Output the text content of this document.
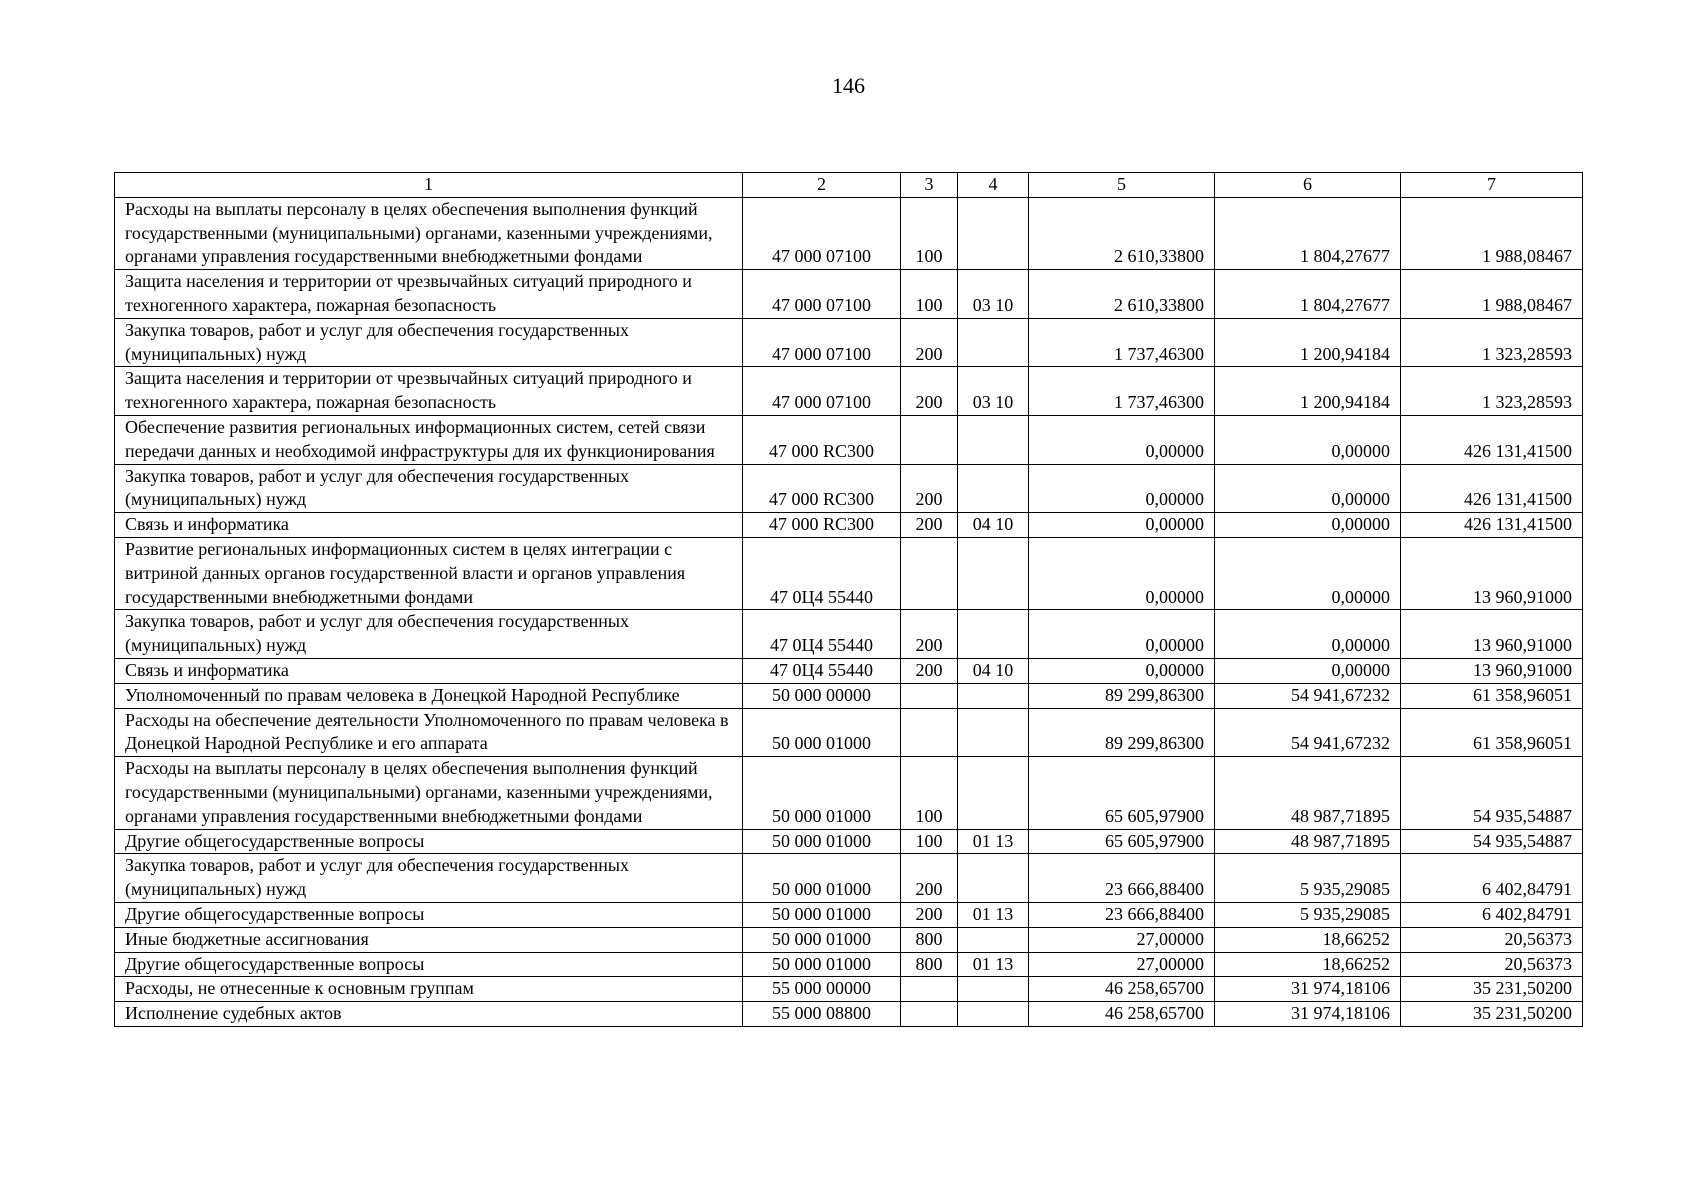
146
1	2	3	4	5	6	7
Расходы на выплаты персоналу в целях обеспечения выполнения функций государственными (муниципальными) органами, казенными учреждениями, органами управления государственными внебюджетными фондами	47 000 07100	100		2 610,33800	1 804,27677	1 988,08467
Защита населения и территории от чрезвычайных ситуаций природного и техногенного характера, пожарная безопасность	47 000 07100	100	03 10	2 610,33800	1 804,27677	1 988,08467
Закупка товаров, работ и услуг для обеспечения государственных (муниципальных) нужд	47 000 07100	200		1 737,46300	1 200,94184	1 323,28593
Защита населения и территории от чрезвычайных ситуаций природного и техногенного характера, пожарная безопасность	47 000 07100	200	03 10	1 737,46300	1 200,94184	1 323,28593
Обеспечение развития региональных информационных систем, сетей связи передачи данных и необходимой инфраструктуры для их функционирования	47 000 RC300			0,00000	0,00000	426 131,41500
Закупка товаров, работ и услуг для обеспечения государственных (муниципальных) нужд	47 000 RC300	200		0,00000	0,00000	426 131,41500
Связь и информатика	47 000 RC300	200	04 10	0,00000	0,00000	426 131,41500
Развитие региональных информационных систем в целях интеграции с витриной данных органов государственной власти и органов управления государственными внебюджетными фондами	47 0Ц4 55440			0,00000	0,00000	13 960,91000
Закупка товаров, работ и услуг для обеспечения государственных (муниципальных) нужд	47 0Ц4 55440	200		0,00000	0,00000	13 960,91000
Связь и информатика	47 0Ц4 55440	200	04 10	0,00000	0,00000	13 960,91000
Уполномоченный по правам человека в Донецкой Народной Республике	50 000 00000			89 299,86300	54 941,67232	61 358,96051
Расходы на обеспечение деятельности Уполномоченного по правам человека в Донецкой Народной Республике и его аппарата	50 000 01000			89 299,86300	54 941,67232	61 358,96051
Расходы на выплаты персоналу в целях обеспечения выполнения функций государственными (муниципальными) органами, казенными учреждениями, органами управления государственными внебюджетными фондами	50 000 01000	100		65 605,97900	48 987,71895	54 935,54887
Другие общегосударственные вопросы	50 000 01000	100	01 13	65 605,97900	48 987,71895	54 935,54887
Закупка товаров, работ и услуг для обеспечения государственных (муниципальных) нужд	50 000 01000	200		23 666,88400	5 935,29085	6 402,84791
Другие общегосударственные вопросы	50 000 01000	200	01 13	23 666,88400	5 935,29085	6 402,84791
Иные бюджетные ассигнования	50 000 01000	800		27,00000	18,66252	20,56373
Другие общегосударственные вопросы	50 000 01000	800	01 13	27,00000	18,66252	20,56373
Расходы, не отнесенные к основным группам	55 000 00000			46 258,65700	31 974,18106	35 231,50200
Исполнение судебных актов	55 000 08800			46 258,65700	31 974,18106	35 231,50200
